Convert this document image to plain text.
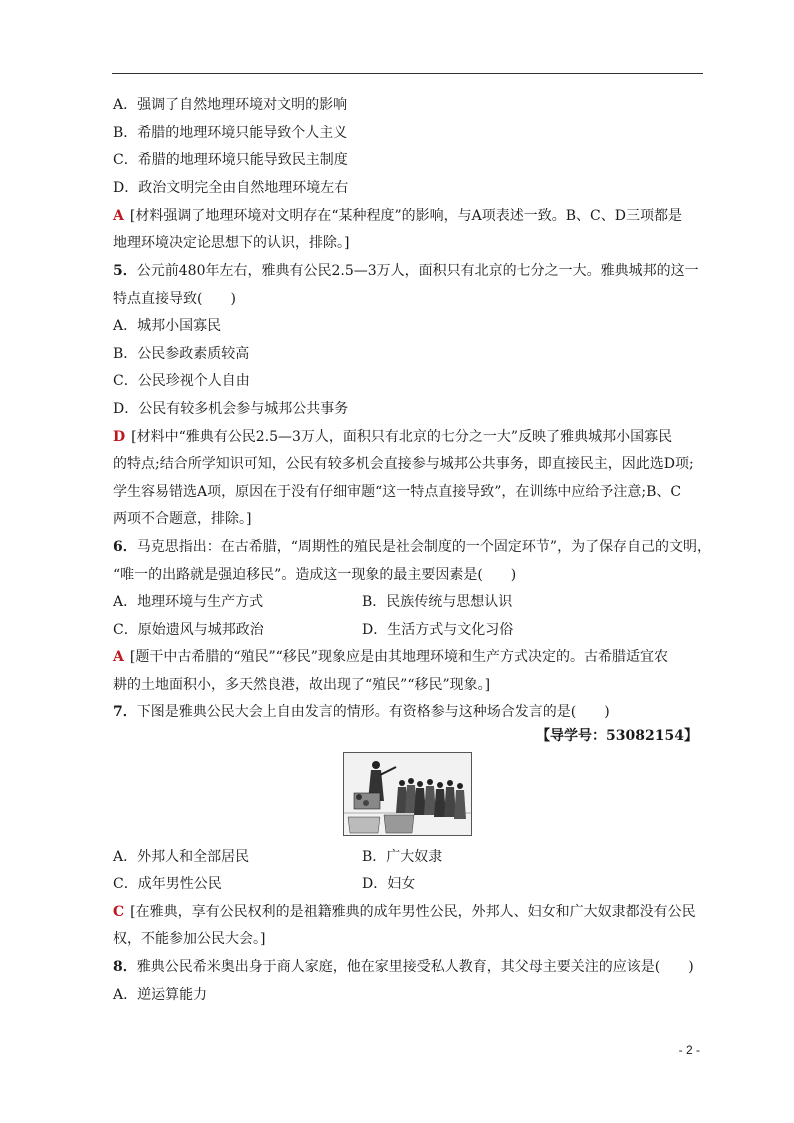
A．强调了自然地理环境对文明的影响
B．希腊的地理环境只能导致个人主义
C．希腊的地理环境只能导致民主制度
D．政治文明完全由自然地理环境左右
A [材料强调了地理环境对文明存在“某种程度”的影响，与A项表述一致。B、C、D三项都是
地理环境决定论思想下的认识，排除。]
5．公元前480年左右，雅典有公民2.5—3万人，面积只有北京的七分之一大。雅典城邦的这一
特点直接导致(　　)
A．城邦小国寡民
B．公民参政素质较高
C．公民珍视个人自由
D．公民有较多机会参与城邦公共事务
D [材料中“雅典有公民2.5—3万人，面积只有北京的七分之一大”反映了雅典城邦小国寡民
的特点;结合所学知识可知，公民有较多机会直接参与城邦公共事务，即直接民主，因此选D项;
学生容易错选A项，原因在于没有仔细审题“这一特点直接导致”，在训练中应给予注意;B、C
两项不合题意，排除。]
6．马克思指出：在古希腊，“周期性的殖民是社会制度的一个固定环节”，为了保存自己的文明，
“唯一的出路就是强迫移民”。造成这一现象的最主要因素是(　　)
A．地理环境与生产方式	B．民族传统与思想认识
C．原始遗风与城邦政治	D．生活方式与文化习俗
A [题干中古希腊的“殖民”“移民”现象应是由其地理环境和生产方式决定的。古希腊适宜农
耕的土地面积小，多天然良港，故出现了“殖民”“移民”现象。]
7．下图是雅典公民大会上自由发言的情形。有资格参与这种场合发言的是(　　)
【导学号：53082154】
A．外邦人和全部居民	B．广大奴隶
C．成年男性公民	D．妇女
C [在雅典，享有公民权利的是祖籍雅典的成年男性公民，外邦人、妇女和广大奴隶都没有公民
权，不能参加公民大会。]
8．雅典公民希米奥出身于商人家庭，他在家里接受私人教育，其父母主要关注的应该是(　　)
A．逆运算能力
- 2 -
